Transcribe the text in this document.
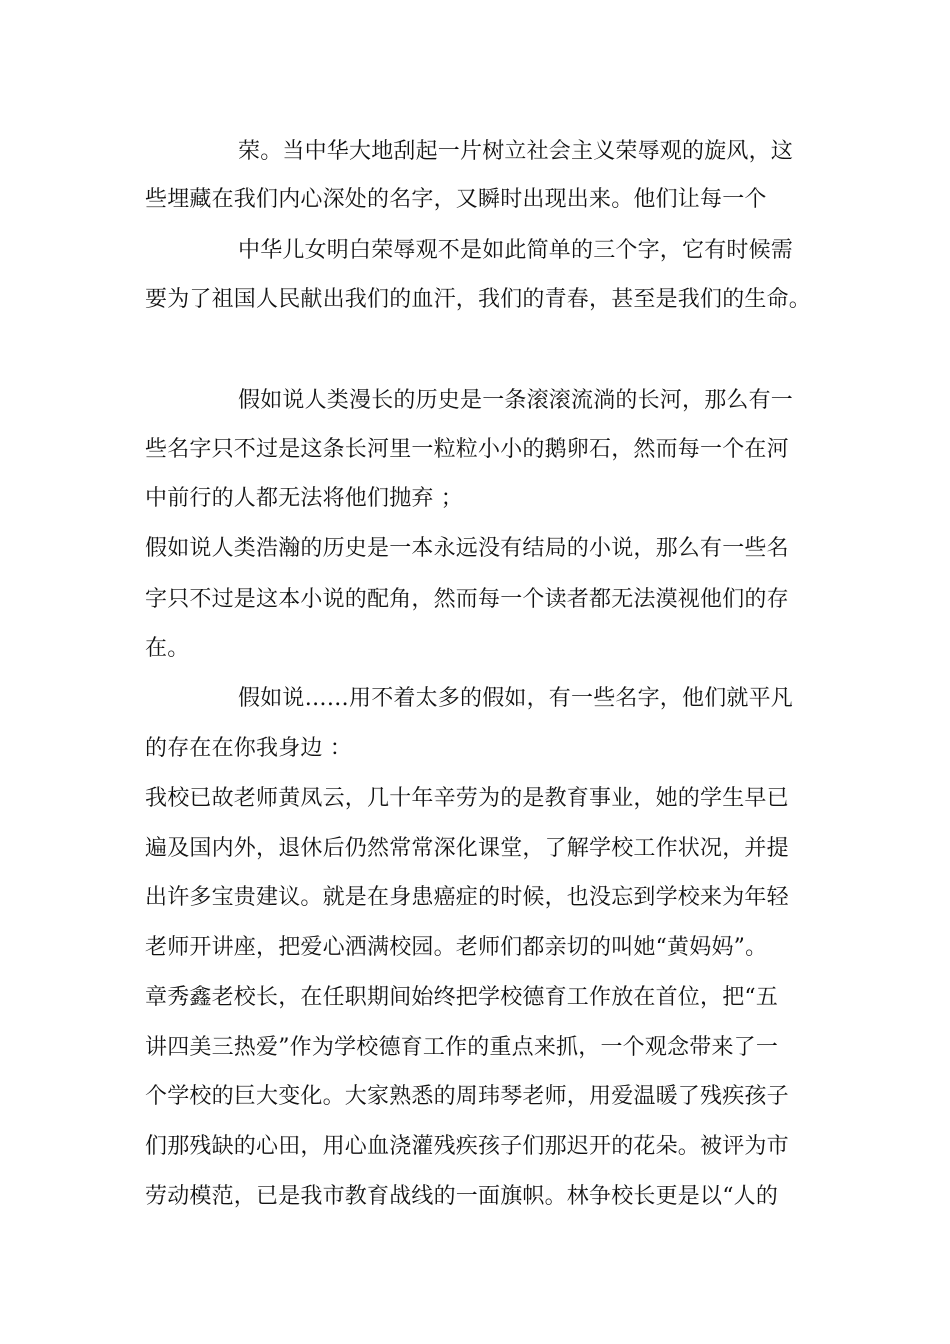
荣。当中华大地刮起一片树立社会主义荣辱观的旋风，这
些埋藏在我们内心深处的名字，又瞬时出现出来。他们让每一个
中华儿女明白荣辱观不是如此简单的三个字，它有时候需
要为了祖国人民献出我们的血汗，我们的青春，甚至是我们的生命。
假如说人类漫长的历史是一条滚滚流淌的长河，那么有一
些名字只不过是这条长河里一粒粒小小的鹅卵石，然而每一个在河
中前行的人都无法将他们抛弃 ；
假如说人类浩瀚的历史是一本永远没有结局的小说，那么有一些名
字只不过是这本小说的配角，然而每一个读者都无法漠视他们的存
在。
假如说……用不着太多的假如，有一些名字，他们就平凡
的存在在你我身边 ：
我校已故老师黄凤云，几十年辛劳为的是教育事业，她的学生早已
遍及国内外，退休后仍然常常深化课堂，了解学校工作状况，并提
出许多宝贵建议。就是在身患癌症的时候，也没忘到学校来为年轻
老师开讲座，把爱心洒满校园。老师们都亲切的叫她“黄妈妈”。
章秀鑫老校长，在任职期间始终把学校德育工作放在首位，把“五
讲四美三热爱”作为学校德育工作的重点来抓，一个观念带来了一
个学校的巨大变化。大家熟悉的周玮琴老师，用爱温暖了残疾孩子
们那残缺的心田，用心血浇灌残疾孩子们那迟开的花朵。被评为市
劳动模范，已是我市教育战线的一面旗帜。林争校长更是以“人的
